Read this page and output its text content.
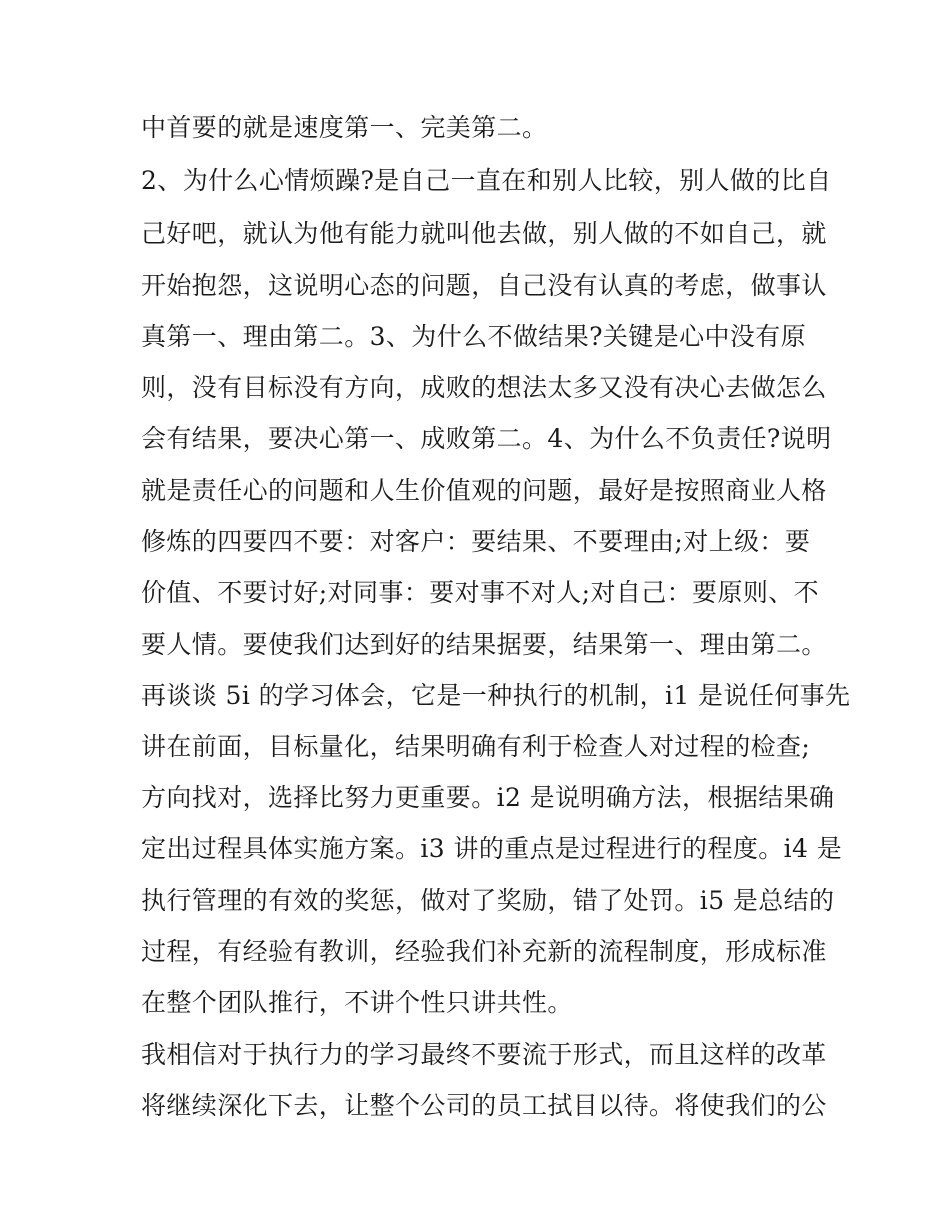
中首要的就是速度第一、完美第二。
2、为什么心情烦躁?是自己一直在和别人比较，别人做的比自
己好吧，就认为他有能力就叫他去做，别人做的不如自己，就
开始抱怨，这说明心态的问题，自己没有认真的考虑，做事认
真第一、理由第二。3、为什么不做结果?关键是心中没有原
则，没有目标没有方向，成败的想法太多又没有决心去做怎么
会有结果，要决心第一、成败第二。4、为什么不负责任?说明
就是责任心的问题和人生价值观的问题，最好是按照商业人格
修炼的四要四不要：对客户：要结果、不要理由;对上级：要
价值、不要讨好;对同事：要对事不对人;对自己：要原则、不
要人情。要使我们达到好的结果据要，结果第一、理由第二。
再谈谈 5i 的学习体会，它是一种执行的机制，i1 是说任何事先
讲在前面，目标量化，结果明确有利于检查人对过程的检查;
方向找对，选择比努力更重要。i2 是说明确方法，根据结果确
定出过程具体实施方案。i3 讲的重点是过程进行的程度。i4 是
执行管理的有效的奖惩，做对了奖励，错了处罚。i5 是总结的
过程，有经验有教训，经验我们补充新的流程制度，形成标准
在整个团队推行，不讲个性只讲共性。
我相信对于执行力的学习最终不要流于形式，而且这样的改革
将继续深化下去，让整个公司的员工拭目以待。将使我们的公
